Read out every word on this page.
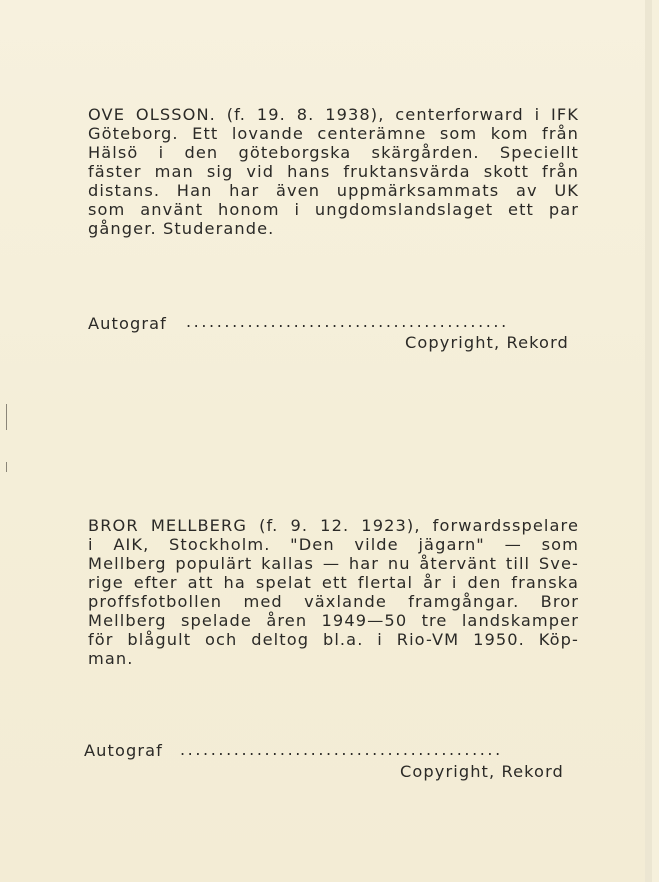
OVE OLSSON. (f. 19. 8. 1938), centerforward i IFK
Göteborg. Ett lovande centerämne som kom från
Hälsö i den göteborgska skärgården. Speciellt
fäster man sig vid hans fruktansvärda skott från
distans. Han har även uppmärksammats av UK
som använt honom i ungdomslandslaget ett par
gånger. Studerande.
Autograf ..........................................
Copyright, Rekord
BROR MELLBERG (f. 9. 12. 1923), forwardsspelare
i AIK, Stockholm. "Den vilde jägarn" — som
Mellberg populärt kallas — har nu återvänt till Sve-
rige efter att ha spelat ett flertal år i den franska
proffsfotbollen med växlande framgångar. Bror
Mellberg spelade åren 1949—50 tre landskamper
för blågult och deltog bl.a. i Rio-VM 1950. Köp-
man.
Autograf ..........................................
Copyright, Rekord
